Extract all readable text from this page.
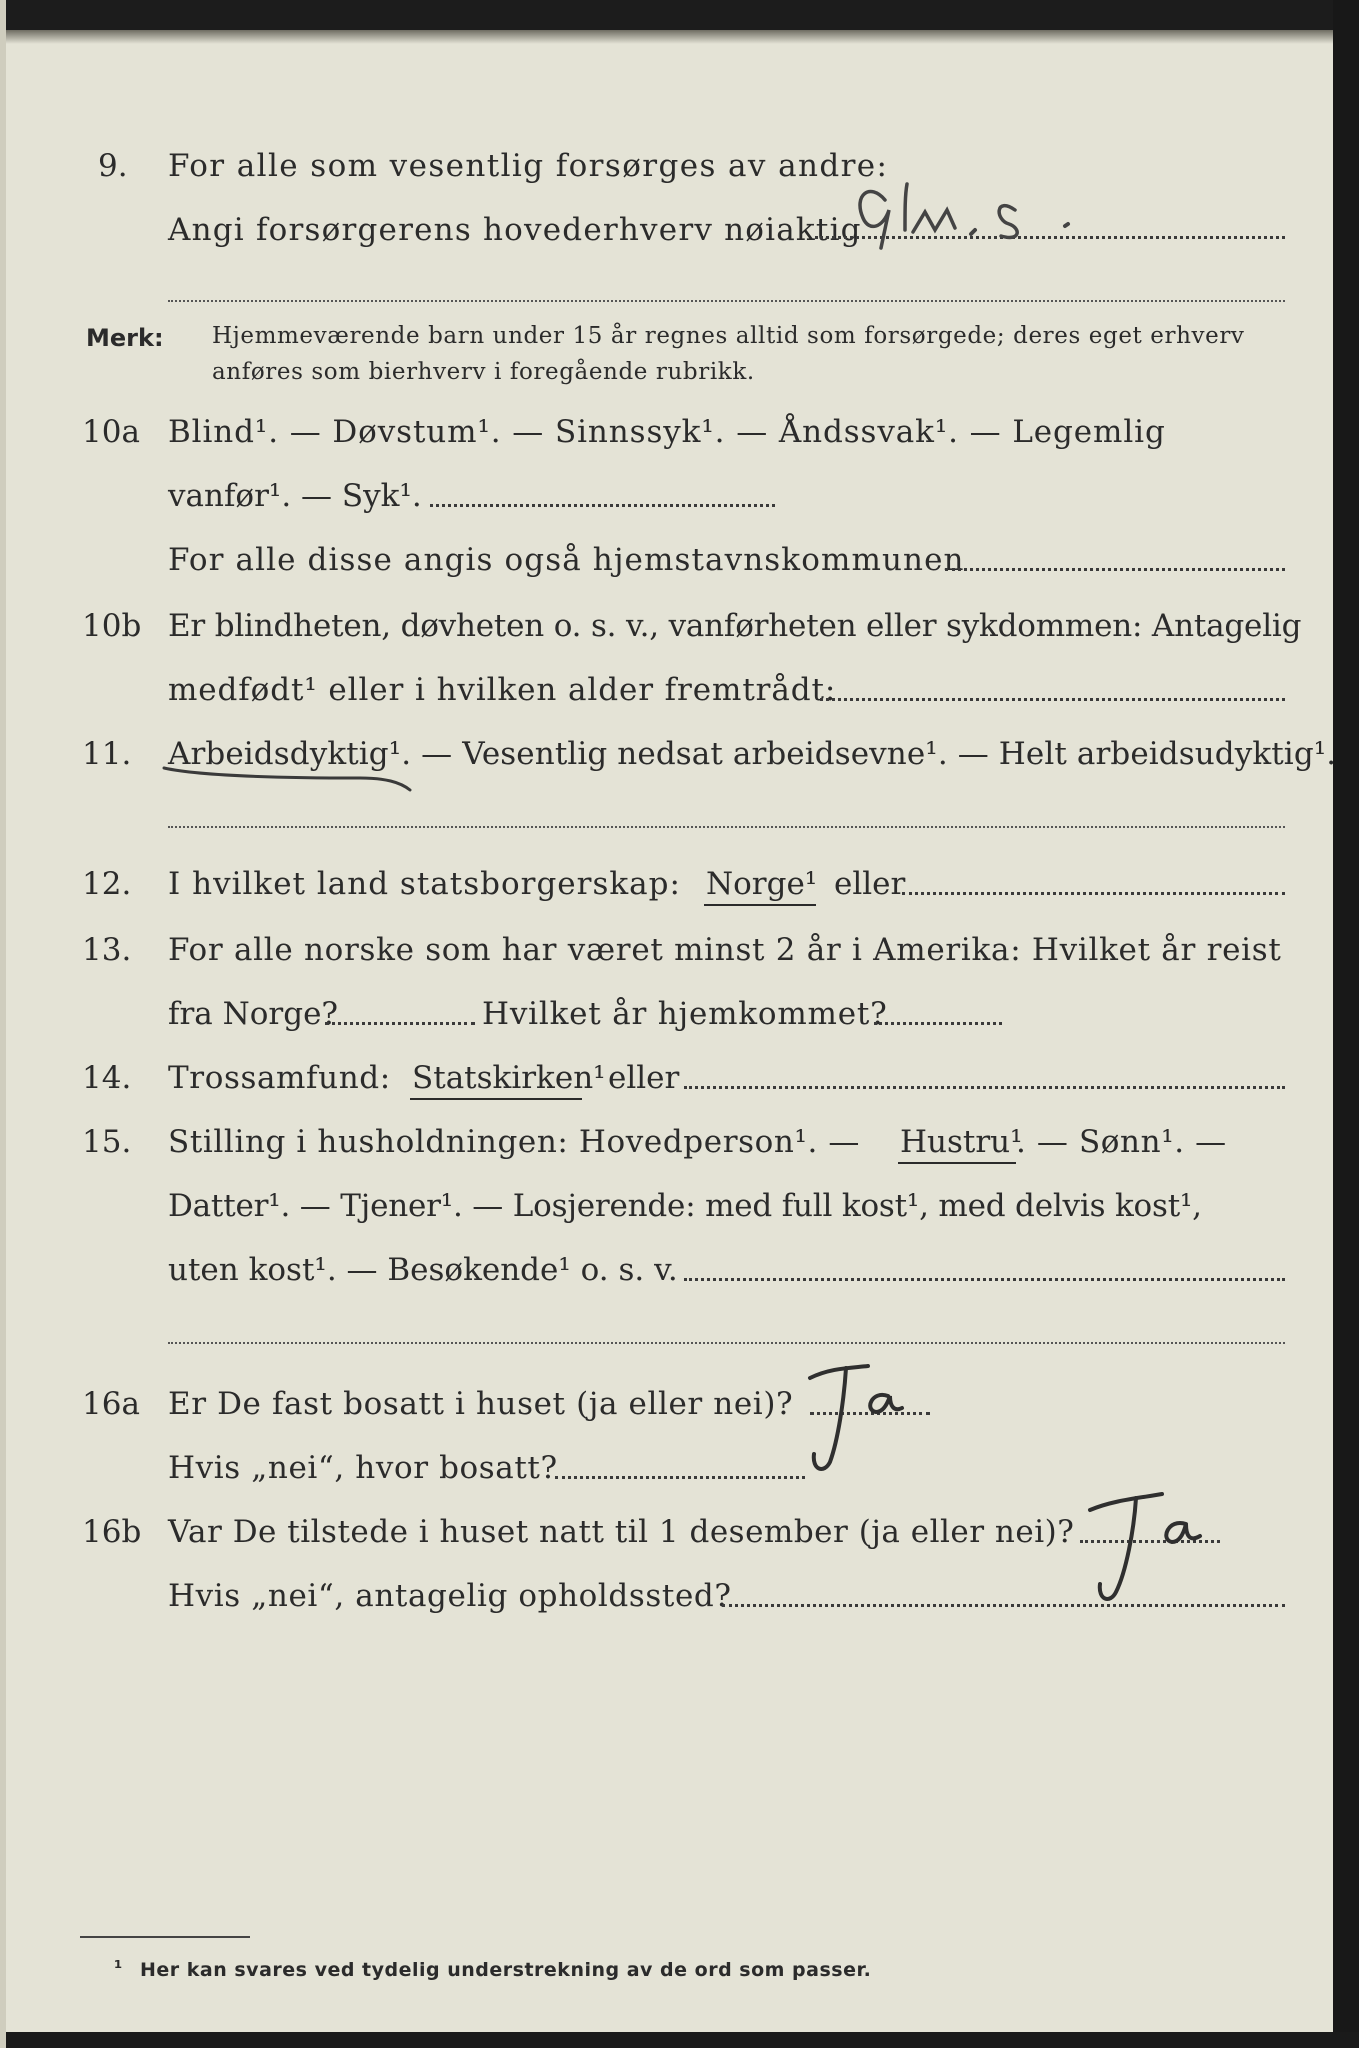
9. For alle som vesentlig forsørges av andre:
Angi forsørgerens hovederhverv nøiaktig
Merk: Hjemmeværende barn under 15 år regnes alltid som forsørgede; deres eget erhverv
anføres som bierhverv i foregående rubrikk.
10a Blind¹. — Døvstum¹. — Sinnssyk¹. — Åndssvak¹. — Legemlig
vanfør¹. — Syk¹.
For alle disse angis også hjemstavnskommunen
10b Er blindheten, døvheten o. s. v., vanførheten eller sykdommen: Antagelig
medfødt¹ eller i hvilken alder fremtrådt:
11. Arbeidsdyktig¹. — Vesentlig nedsat arbeidsevne¹. — Helt arbeidsudyktig¹.
12. I hvilket land statsborgerskap: Norge¹ eller
13. For alle norske som har været minst 2 år i Amerika: Hvilket år reist
fra Norge?	Hvilket år hjemkommet?
14. Trossamfund: Statskirken¹ eller
15. Stilling i husholdningen: Hovedperson¹. — Hustru¹
. — Sønn¹. —
Datter¹. — Tjener¹. — Losjerende: med full kost¹, med delvis kost¹,
uten kost¹. — Besøkende¹ o. s. v.
16a Er De fast bosatt i huset (ja eller nei)?
Hvis „nei“, hvor bosatt?
16b Var De tilstede i huset natt til 1 desember (ja eller nei)?
Hvis „nei“, antagelig opholdssted?
¹ Her kan svares ved tydelig understrekning av de ord som passer.
